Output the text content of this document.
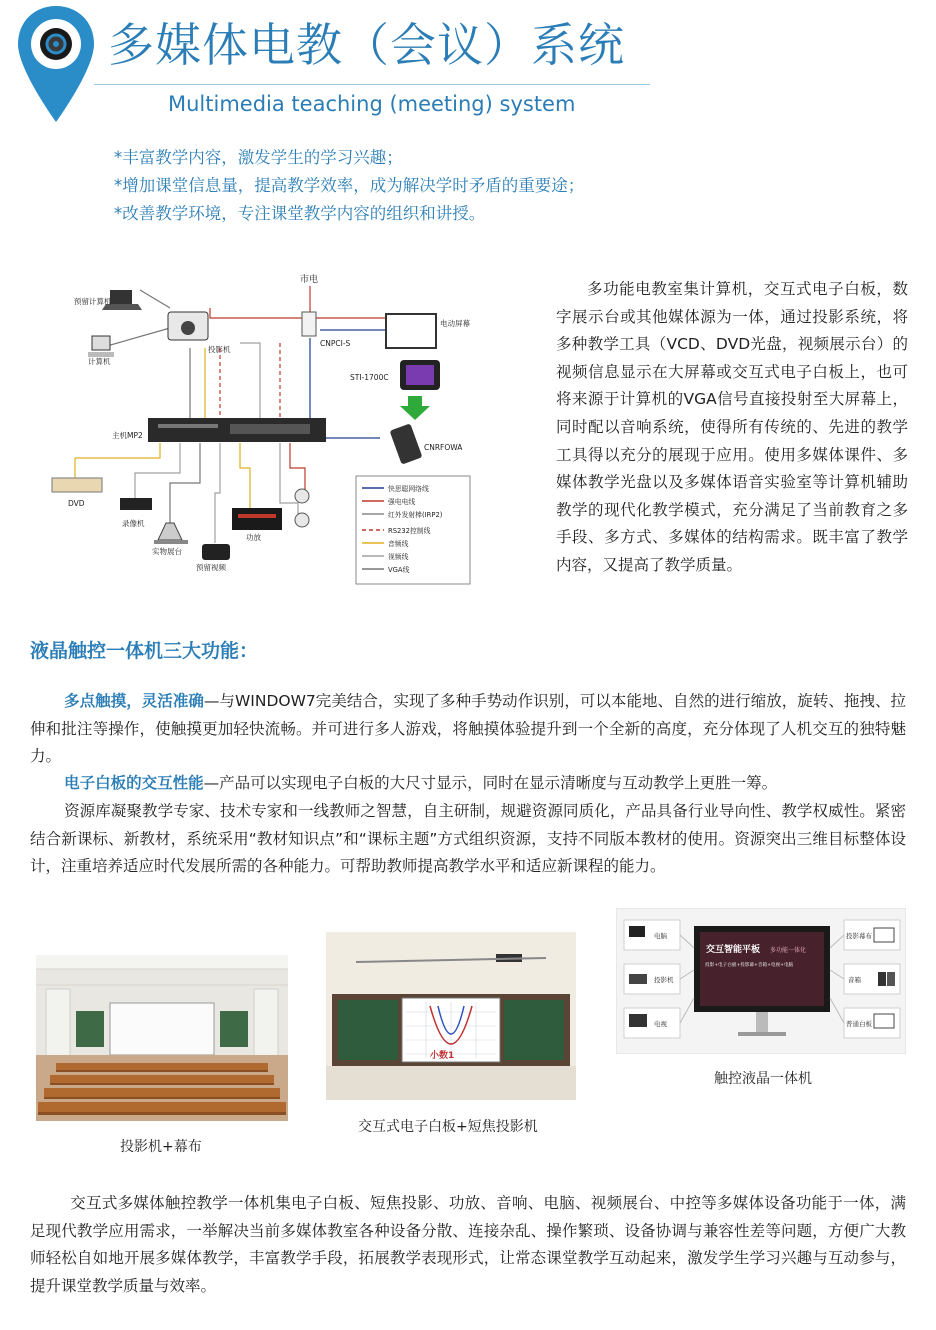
多媒体电教（会议）系统
Multimedia teaching (meeting) system
*丰富教学内容，激发学生的学习兴趣；
*增加课堂信息量，提高教学效率，成为解决学时矛盾的重要途；
*改善教学环境，专注课堂教学内容的组织和讲授。
市电
预留计算机
计算机
投影机
CNPCI-S
电动屏幕
STI-1700C
主机MP2
CNRFOWA
DVD
录像机
实物展台
功放
预留视频
快思聪网络线
强电电线
红外发射棒(IRP2)
RS232控制线
音频线
视频线
VGA线
多功能电教室集计算机，交互式电子白板，数字展示台或其他媒体源为一体，通过投影系统，将多种教学工具（VCD、DVD光盘，视频展示台）的视频信息显示在大屏幕或交互式电子白板上，也可将来源于计算机的VGA信号直接投射至大屏幕上，同时配以音响系统，使得所有传统的、先进的教学工具得以充分的展现于应用。使用多媒体课件、多媒体教学光盘以及多媒体语音实验室等计算机辅助教学的现代化教学模式，充分满足了当前教育之多手段、多方式、多媒体的结构需求。既丰富了教学内容，又提高了教学质量。
液晶触控一体机三大功能：
多点触摸，灵活准确—与WINDOW7完美结合，实现了多种手势动作识别，可以本能地、自然的进行缩放，旋转、拖拽、拉伸和批注等操作，使触摸更加轻快流畅。并可进行多人游戏，将触摸体验提升到一个全新的高度，充分体现了人机交互的独特魅力。
电子白板的交互性能—产品可以实现电子白板的大尺寸显示，同时在显示清晰度与互动教学上更胜一筹。
资源库凝聚教学专家、技术专家和一线教师之智慧，自主研制，规避资源同质化，产品具备行业导向性、教学权威性。紧密结合新课标、新教材，系统采用“教材知识点”和“课标主题”方式组织资源，支持不同版本教材的使用。资源突出三维目标整体设计，注重培养适应时代发展所需的各种能力。可帮助教师提高教学水平和适应新课程的能力。
投影机+幕布
小数1
交互式电子白板+短焦投影机
电脑
投影机
电视
投影幕布
音箱
普通白板
交互智能平板 多功能一体化
投影+电子白板+投影幕+音箱+电视+电脑
触控液晶一体机
交互式多媒体触控教学一体机集电子白板、短焦投影、功放、音响、电脑、视频展台、中控等多媒体设备功能于一体，满足现代教学应用需求，一举解决当前多媒体教室各种设备分散、连接杂乱、操作繁琐、设备协调与兼容性差等问题，方便广大教师轻松自如地开展多媒体教学，丰富教学手段，拓展教学表现形式，让常态课堂教学互动起来，激发学生学习兴趣与互动参与，提升课堂教学质量与效率。
